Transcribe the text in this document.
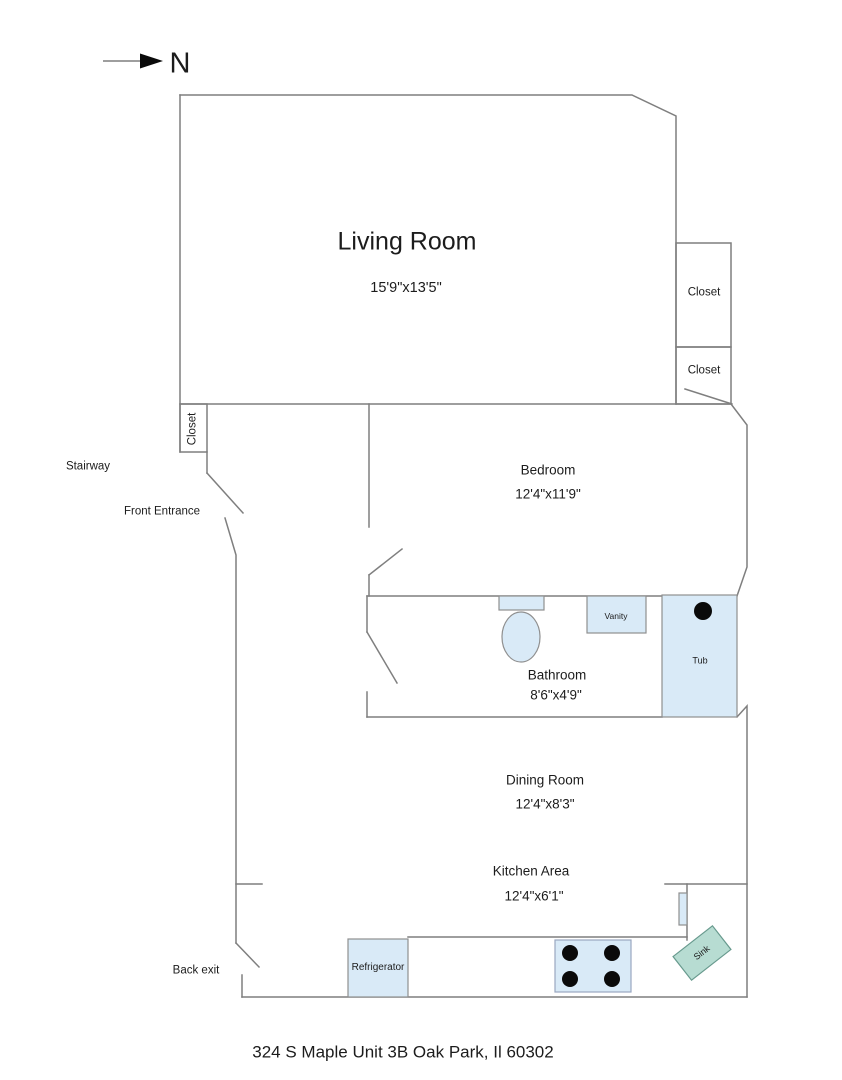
N
Living Room
15'9"x13'5"	Closet
Closet
Closet
Stairway
Front Entrance
Bedroom
12'4"x11'9"
Bathroom
8'6"x4'9"
Vanity
Tub
Dining Room
12'4"x8'3"
Kitchen Area
12'4"x6'1"
Back exit	Refrigerator
Sink
324 S Maple Unit 3B Oak Park, Il 60302
